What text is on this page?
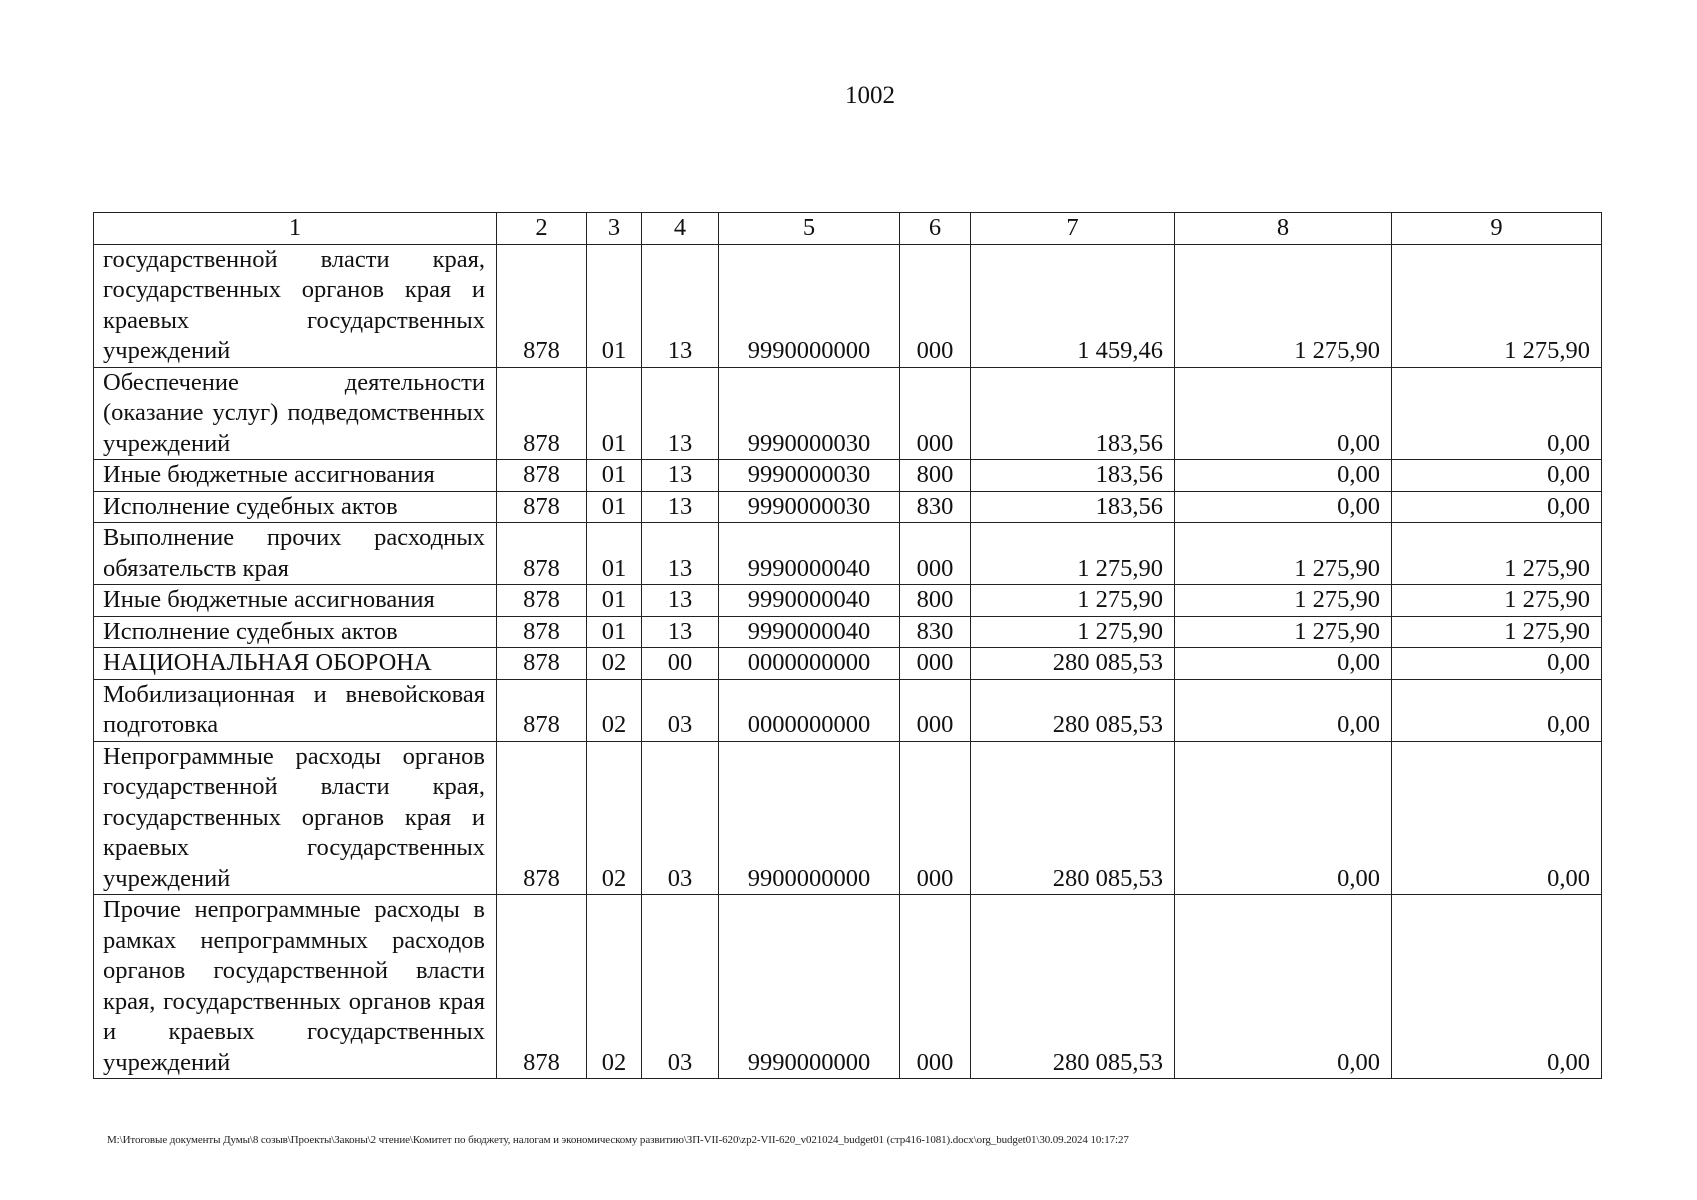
1002
1	2	3	4	5	6	7	8	9
государственной власти края, государственных органов края и краевых государственных учреждений	878	01	13	9990000000	000	1 459,46	1 275,90	1 275,90
Обеспечение деятельности (оказание услуг) подведомственных учреждений	878	01	13	9990000030	000	183,56	0,00	0,00
Иные бюджетные ассигнования	878	01	13	9990000030	800	183,56	0,00	0,00
Исполнение судебных актов	878	01	13	9990000030	830	183,56	0,00	0,00
Выполнение прочих расходных обязательств края	878	01	13	9990000040	000	1 275,90	1 275,90	1 275,90
Иные бюджетные ассигнования	878	01	13	9990000040	800	1 275,90	1 275,90	1 275,90
Исполнение судебных актов	878	01	13	9990000040	830	1 275,90	1 275,90	1 275,90
НАЦИОНАЛЬНАЯ ОБОРОНА	878	02	00	0000000000	000	280 085,53	0,00	0,00
Мобилизационная и вневойсковая подготовка	878	02	03	0000000000	000	280 085,53	0,00	0,00
Непрограммные расходы органов государственной власти края, государственных органов края и краевых государственных учреждений	878	02	03	9900000000	000	280 085,53	0,00	0,00
Прочие непрограммные расходы в рамках непрограммных расходов органов государственной власти края, государственных органов края и краевых государственных учреждений	878	02	03	9990000000	000	280 085,53	0,00	0,00
M:\Итоговые документы Думы\8 созыв\Проекты\Законы\2 чтение\Комитет по бюджету, налогам и экономическому развитию\ЗП-VII-620\zp2-VII-620_v021024_budget01 (стр416-1081).docx\org_budget01\30.09.2024 10:17:27
